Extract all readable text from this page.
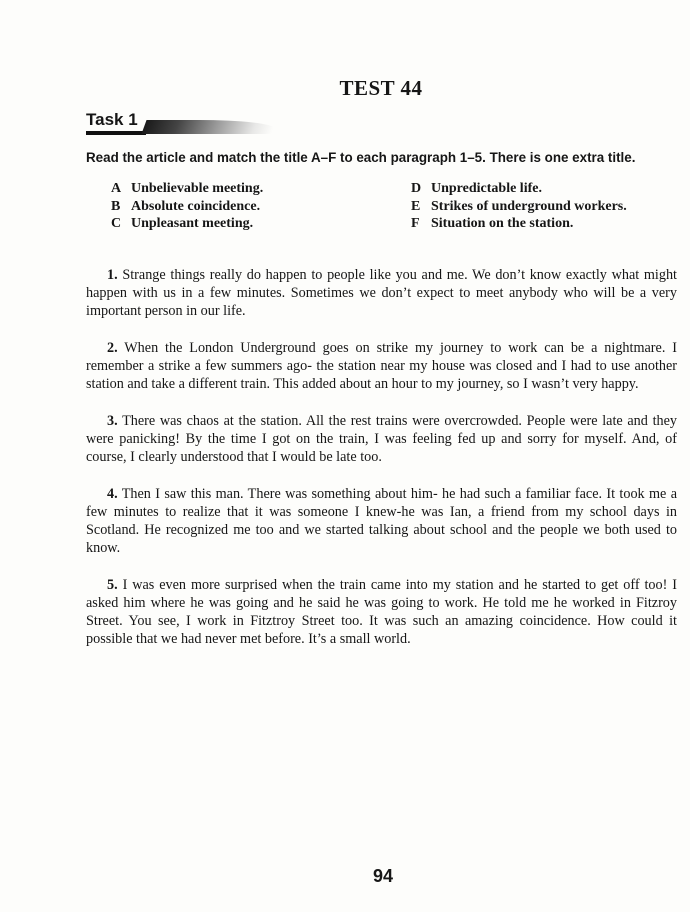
TEST 44
Task 1
Read the article and match the title A–F to each paragraph 1–5. There is one extra title.
A Unbelievable meeting.
B Absolute coincidence.
C Unpleasant meeting.
D Unpredictable life.
E Strikes of underground workers.
F Situation on the station.

1. Strange things really do happen to people like you and me. We don’t know exactly what might happen with us in a few minutes. Sometimes we don’t expect to meet anybody who will be a very important person in our life.

2. When the London Underground goes on strike my journey to work can be a nightmare. I remember a strike a few summers ago- the station near my house was closed and I had to use another station and take a different train. This added about an hour to my journey, so I wasn’t very happy.

3. There was chaos at the station. All the rest trains were overcrowded. People were late and they were panicking! By the time I got on the train, I was feeling fed up and sorry for myself. And, of course, I clearly understood that I would be late too.

4. Then I saw this man. There was something about him- he had such a familiar face. It took me a few minutes to realize that it was someone I knew-he was Ian, a friend from my school days in Scotland. He recognized me too and we started talking about school and the people we both used to know.

5. I was even more surprised when the train came into my station and he started to get off too! I asked him where he was going and he said he was going to work. He told me he worked in Fitzroy Street. You see, I work in Fitztroy Street too. It was such an amazing coincidence. How could it possible that we had never met before. It’s a small world.

94
